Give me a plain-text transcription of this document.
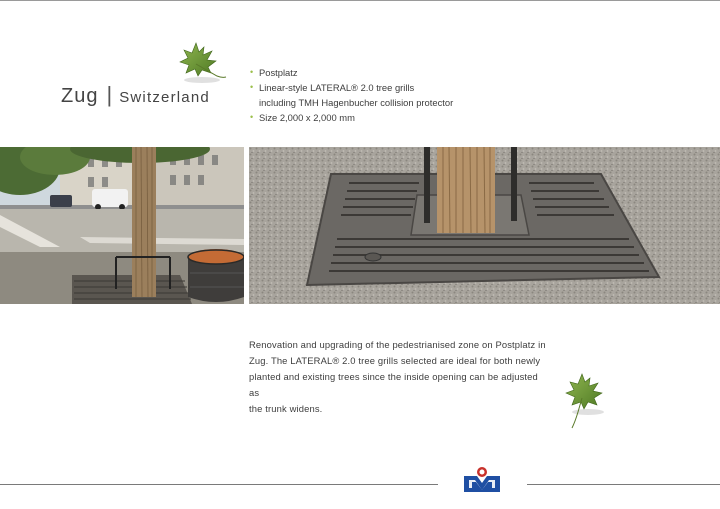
Zug | Switzerland
• Postplatz
• Linear-style LATERAL® 2.0 tree grills
including TMH Hagenbucher collision protector
• Size 2,000 x 2,000 mm
Renovation and upgrading of the pedestrianised zone on Postplatz in
Zug. The LATERAL® 2.0 tree grills selected are ideal for both newly
planted and existing trees since the inside opening can be adjusted as
the trunk widens.
